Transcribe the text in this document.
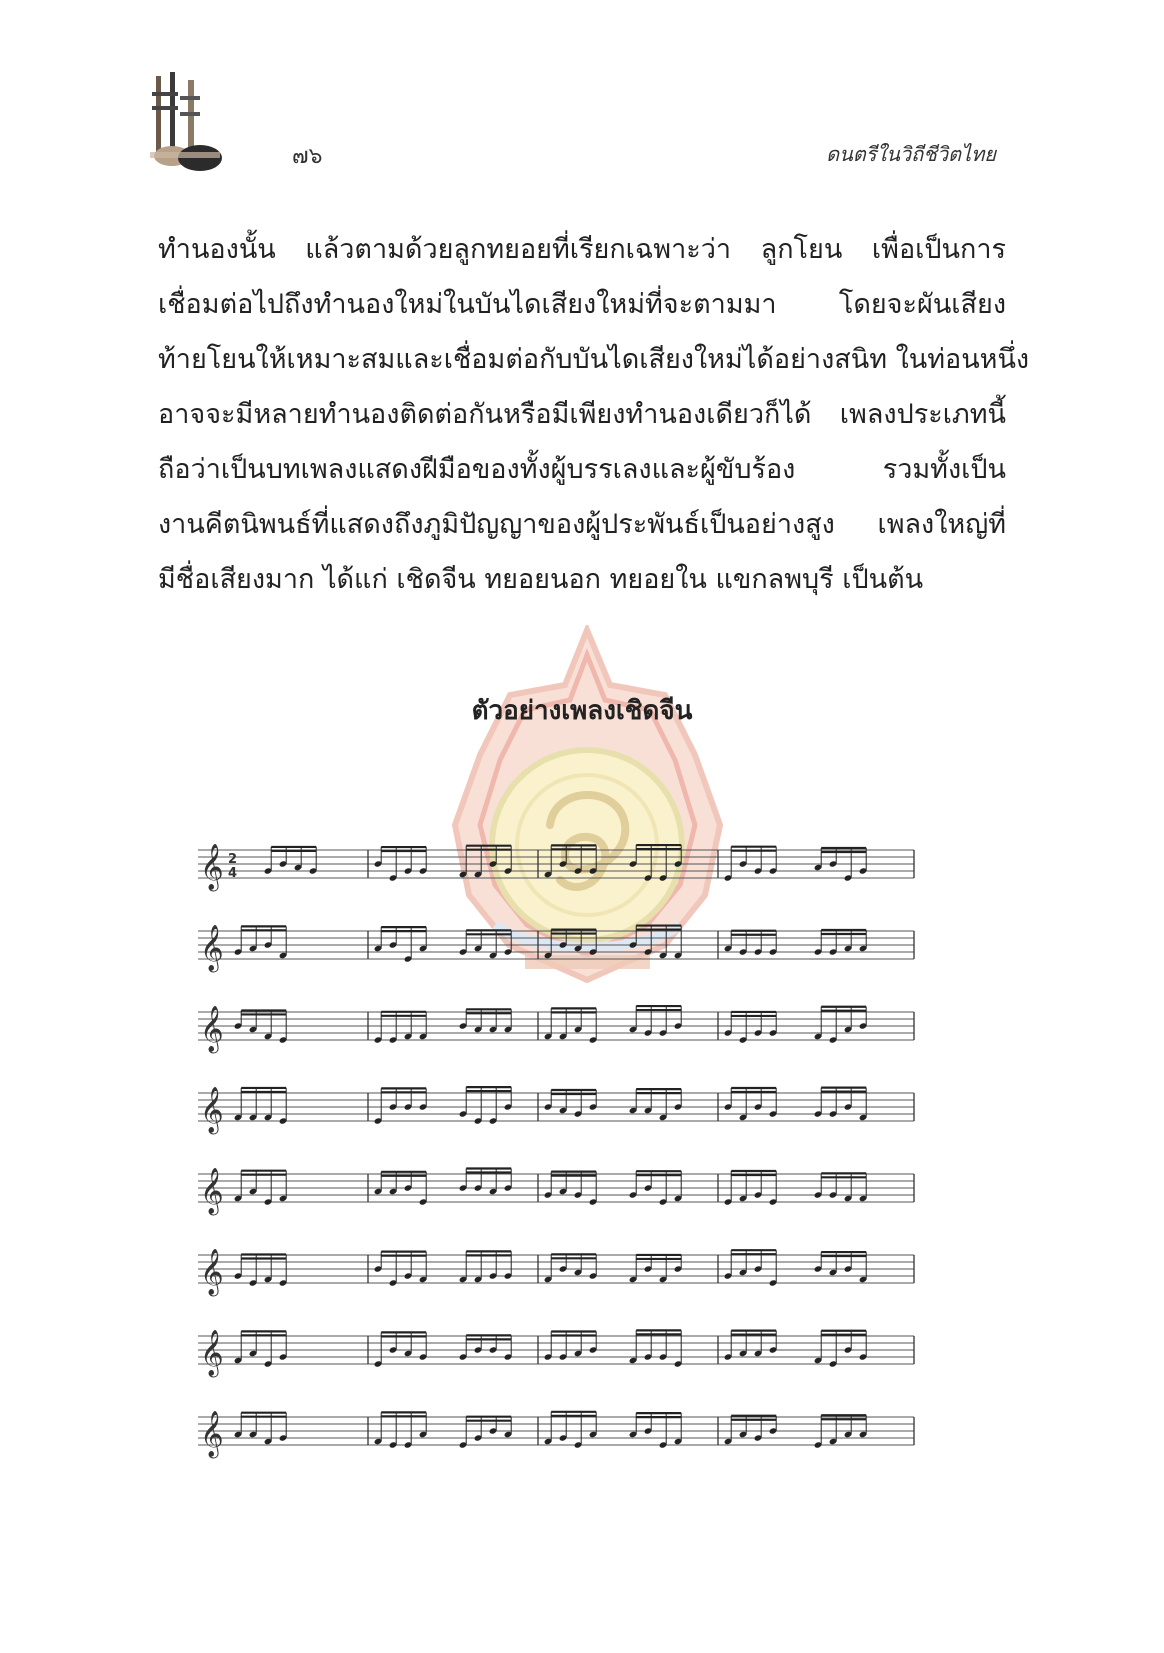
๗๖	ดนตรีในวิถีชีวิตไทย
ทำนองนั้น แล้วตามด้วยลูกทยอยที่เรียกเฉพาะว่า ลูกโยน เพื่อเป็นการ
เชื่อมต่อไปถึงทำนองใหม่ในบันไดเสียงใหม่ที่จะตามมา โดยจะผันเสียง
ท้ายโยนให้เหมาะสมและเชื่อมต่อกับบันไดเสียงใหม่ได้อย่างสนิท ในท่อนหนึ่ง
อาจจะมีหลายทำนองติดต่อกันหรือมีเพียงทำนองเดียวก็ได้ เพลงประเภทนี้
ถือว่าเป็นบทเพลงแสดงฝีมือของทั้งผู้บรรเลงและผู้ขับร้อง รวมทั้งเป็น
งานคีตนิพนธ์ที่แสดงถึงภูมิปัญญาของผู้ประพันธ์เป็นอย่างสูง เพลงใหญ่ที่
มีชื่อเสียงมาก ได้แก่ เชิดจีน ทยอยนอก ทยอยใน แขกลพบุรี เป็นต้น
ตัวอย่างเพลงเชิดจีน
𝄞 2
4
𝄞
𝄞
𝄞
𝄞
𝄞
𝄞
𝄞
